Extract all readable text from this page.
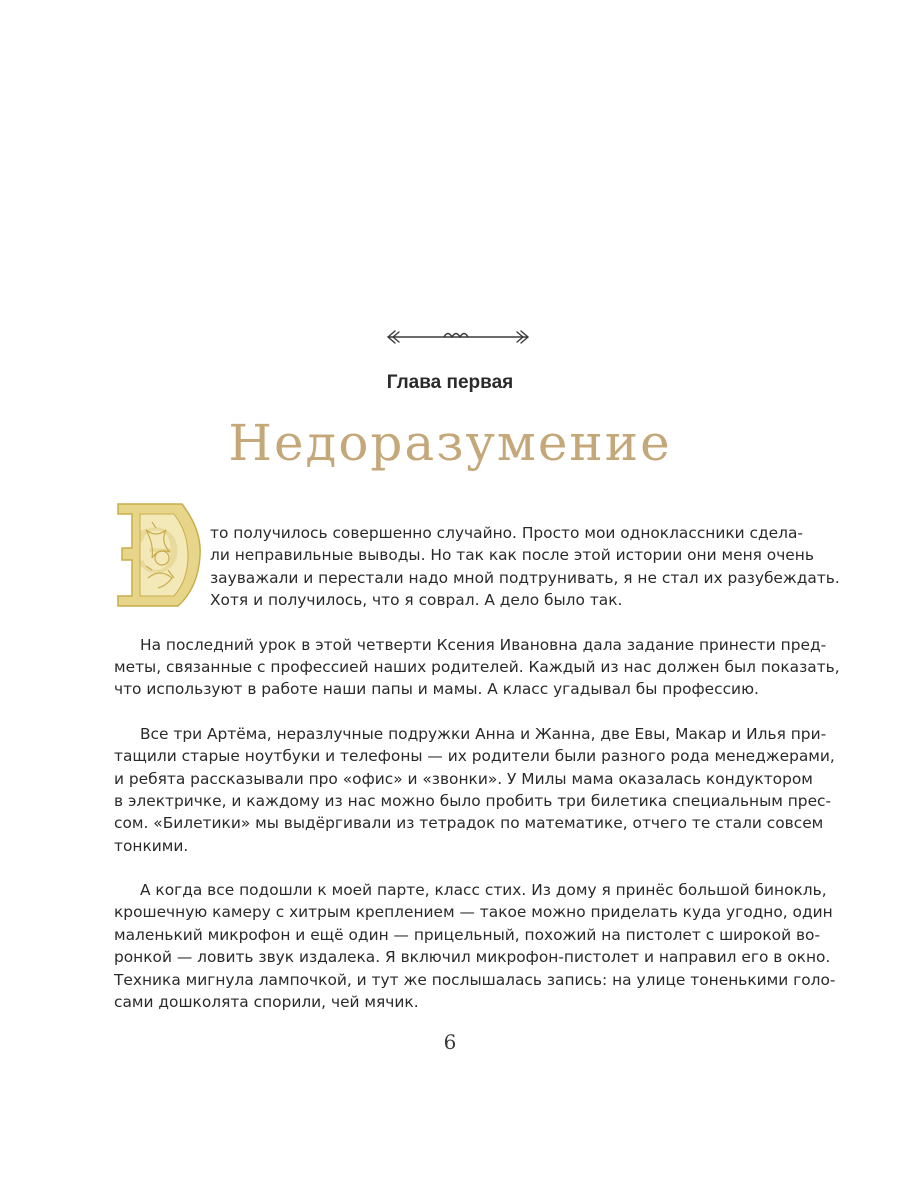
Глава первая
Недоразумение
Э	то получилось совершенно случайно. Просто мои одноклассники сдела-
ли неправильные выводы. Но так как после этой истории они меня очень
зауважали и перестали надо мной подтрунивать, я не стал их разубеждать.
Хотя и получилось, что я соврал. А дело было так.
На последний урок в этой четверти Ксения Ивановна дала задание принести пред-
меты, связанные с профессией наших родителей. Каждый из нас должен был показать,
что используют в работе наши папы и мамы. А класс угадывал бы профессию.
Все три Артёма, неразлучные подружки Анна и Жанна, две Евы, Макар и Илья при-
тащили старые ноутбуки и телефоны — их родители были разного рода менеджерами,
и ребята рассказывали про «офис» и «звонки». У Милы мама оказалась кондуктором
в электричке, и каждому из нас можно было пробить три билетика специальным прес-
сом. «Билетики» мы выдёргивали из тетрадок по математике, отчего те стали совсем
тонкими.
А когда все подошли к моей парте, класс стих. Из дому я принёс большой бинокль,
крошечную камеру с хитрым креплением — такое можно приделать куда угодно, один
маленький микрофон и ещё один — прицельный, похожий на пистолет с широкой во-
ронкой — ловить звук издалека. Я включил микрофон-пистолет и направил его в окно.
Техника мигнула лампочкой, и тут же послышалась запись: на улице тоненькими голо-
сами дошколята спорили, чей мячик.
6
